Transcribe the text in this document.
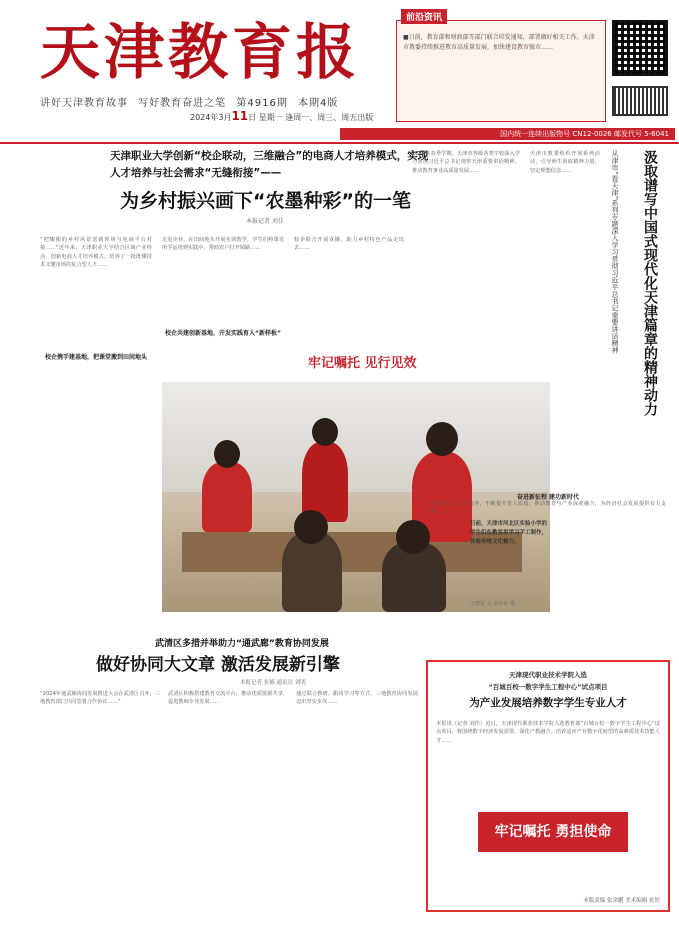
天津教育报
讲好天津教育故事 写好教育奋进之笔 第4916期 本期4版
2024年3月11日 星期一 逢周一、周三、周五出版
国内统一连续出版物号 CN12-0026 邮发代号 5-6041
前沿资讯
■日前，教育部和财政部等部门联合印发通知，部署做好相关工作。天津市教委持续推进教育高质量发展，加快建设教育强市……
天津职业大学创新“校企联动，三维融合”的电商人才培养模式，实现人才培养与社会需求“无缝衔接”——
为乡村振兴画下“农墨种彩”的一笔
本报记者 刘佳
“把耀眼的乡村风景送到现场与电商平台对接……”近年来，天津职业大学结合区域产业特点，创新电商人才培养模式，培养了一批既懂技术又懂市场的复合型人才……
校企携手建基地，把课堂搬到田间地头
走进企业，在田间地头开展实训教学，学生们将课堂所学运用到实践中，帮助农户打开销路……
校企共建创新基地，开发实践育人“新样板”
校企联合开展直播，助力乡村特色产品走出去……
牢记嘱托 见行见效
日前，天津市河北区实验小学的学生们在教室里学习手工制作，体验传统文化魅力。
宁德军 文 刘乐依 摄
2024年春季学期，天津市各级各类学校深入学习贯彻习近平总书记视察天津重要讲话精神，推动教育事业高质量发展……
天津市教委组织开展系列活动，引导师生汲取精神力量，坚定理想信念……	从津市“看天津”系列专题深入学习贯彻习近平总书记重要讲话精神	汲取谱写中国式现代化天津篇章的精神动力
奋进新征程 建功新时代
学校要立足人才培养，不断提升育人质量，推动教育与产业深度融合，为经济社会发展提供有力支撑……
武清区多措并举助力“通武廊”教育协同发展
做好协同大文章 激活发展新引擎
本报记者 张楠 通讯员 刘明
“2024年通武廊协同发展推进大会在武清区召开，三地教育部门共同签署合作协议……”
武清区积极搭建教育交流平台，推动优质资源共享，促进教师专业发展……
通过联合教研、跟岗学习等方式，三地教育协同发展迈出坚实步伐……
天津现代职业技术学院入选
“百城百校一数字学生工程中心”试点项目
为产业发展培养数字学生专业人才
本报讯（记者 刘佳）近日，天津现代职业技术学院入选教育部“百城百校一数字学生工程中心”试点项目，将围绕数字经济发展需要，深化产教融合，培养适应产业数字化转型的高素质技术技能人才……
本版责编 张余鹏 美术编辑 张婷
牢记嘱托 勇担使命
